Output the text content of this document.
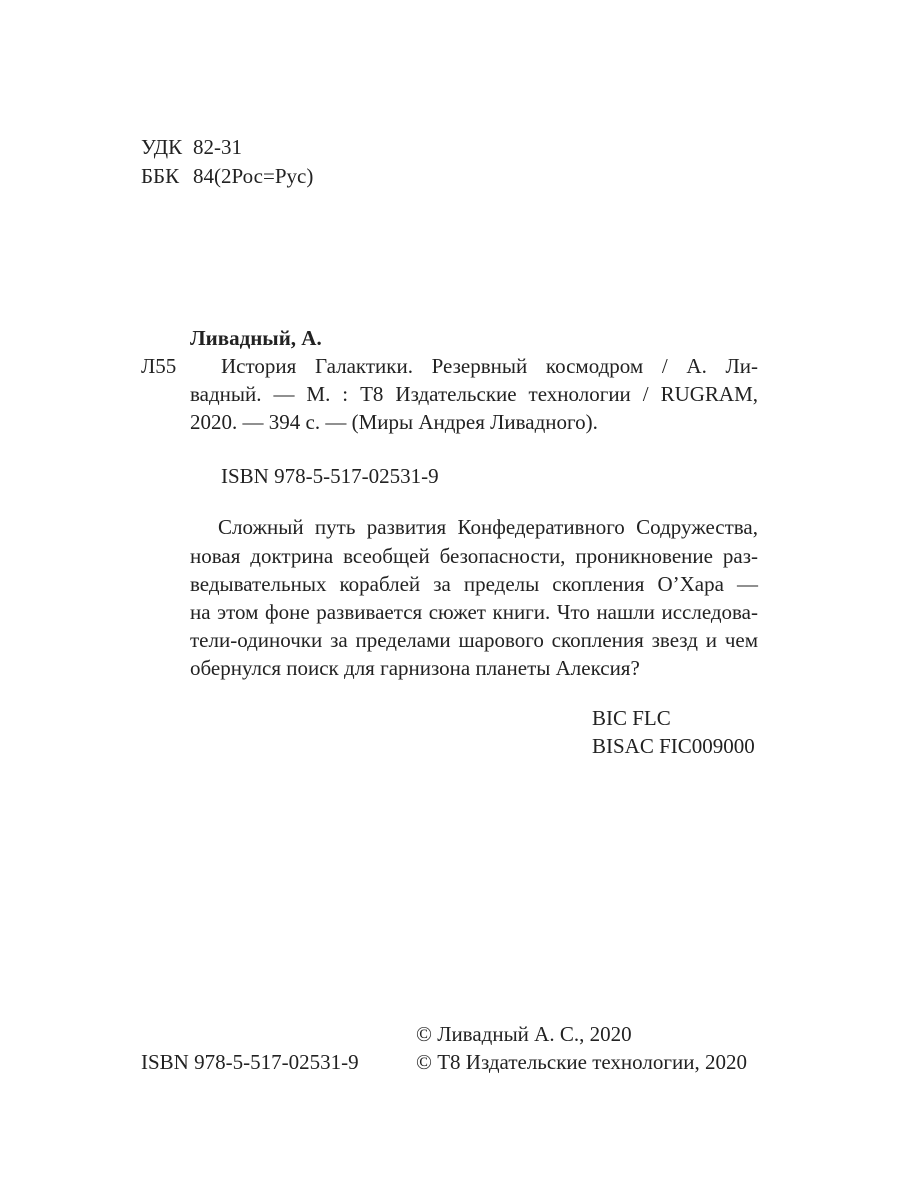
УДК 82-31
ББК 84(2Рос=Рус)
Ливадный, А.
Л55 История Галактики. Резервный космодром / А. Ли-
вадный. — М. : Т8 Издательские технологии / RUGRAM,
2020. — 394 с. — (Миры Андрея Ливадного).
ISBN 978-5-517-02531-9
Сложный путь развития Конфедеративного Содружества,
новая доктрина всеобщей безопасности, проникновение раз-
ведывательных кораблей за пределы скопления О’Хара —
на этом фоне развивается сюжет книги. Что нашли исследова-
тели-одиночки за пределами шарового скопления звезд и чем
обернулся поиск для гарнизона планеты Алексия?
BIC FLC
BISAC FIC009000
© Ливадный А. С., 2020
ISBN 978-5-517-02531-9	© Т8 Издательские технологии, 2020
